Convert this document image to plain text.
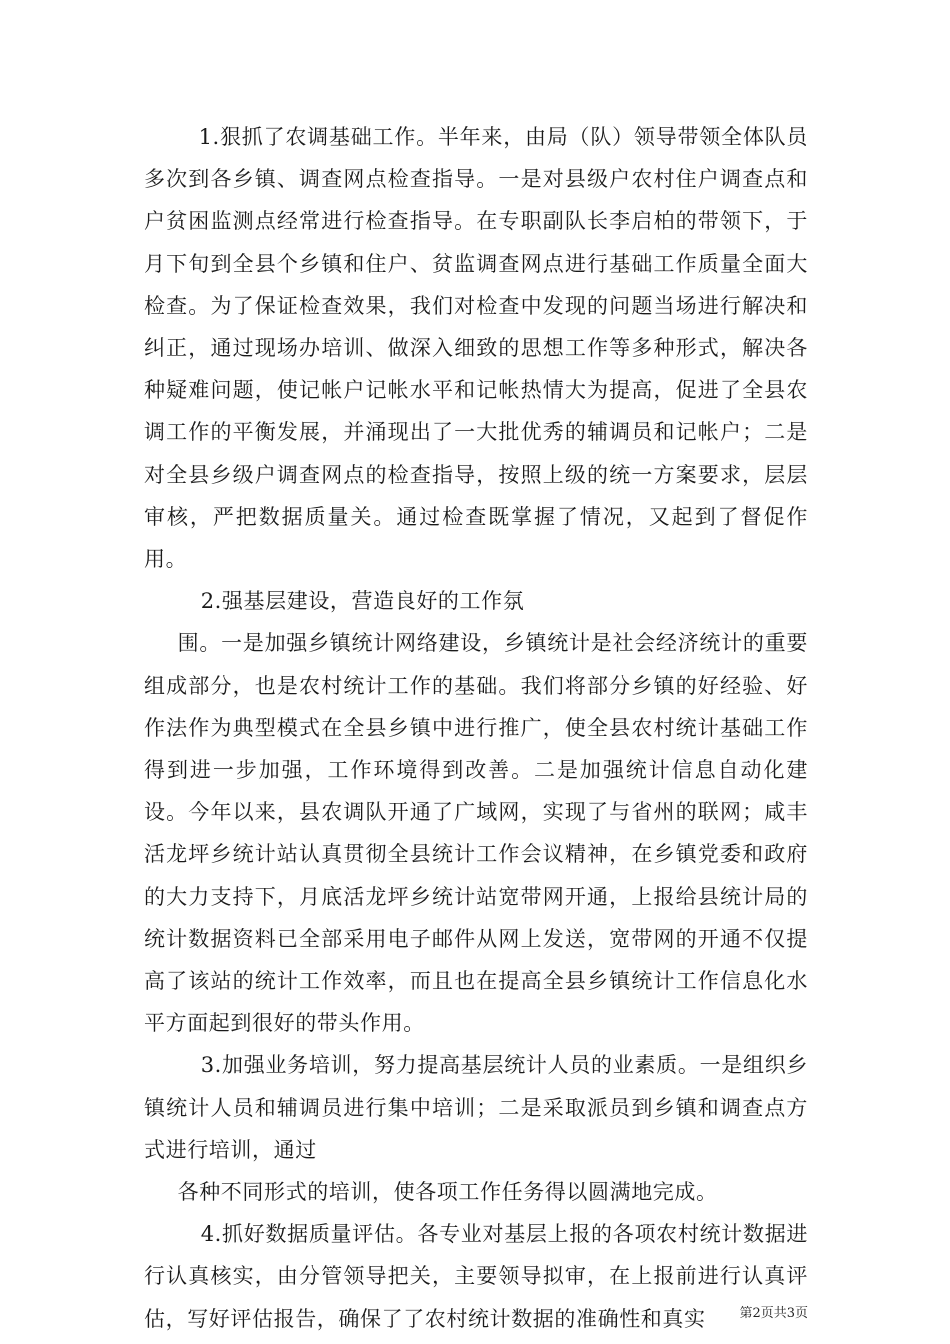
1.狠抓了农调基础工作。半年来，由局（队）领导带领全体队员多次到各乡镇、调查网点检查指导。一是对县级户农村住户调查点和户贫困监测点经常进行检查指导。在专职副队长李启柏的带领下，于月下旬到全县个乡镇和住户、贫监调查网点进行基础工作质量全面大检查。为了保证检查效果，我们对检查中发现的问题当场进行解决和纠正，通过现场办培训、做深入细致的思想工作等多种形式，解决各种疑难问题，使记帐户记帐水平和记帐热情大为提高，促进了全县农调工作的平衡发展，并涌现出了一大批优秀的辅调员和记帐户；二是对全县乡级户调查网点的检查指导，按照上级的统一方案要求，层层审核，严把数据质量关。通过检查既掌握了情况，又起到了督促作用。

2.强基层建设，营造良好的工作氛

围。一是加强乡镇统计网络建设，乡镇统计是社会经济统计的重要组成部分，也是农村统计工作的基础。我们将部分乡镇的好经验、好作法作为典型模式在全县乡镇中进行推广，使全县农村统计基础工作得到进一步加强，工作环境得到改善。二是加强统计信息自动化建设。今年以来，县农调队开通了广域网，实现了与省州的联网；咸丰活龙坪乡统计站认真贯彻全县统计工作会议精神，在乡镇党委和政府的大力支持下，月底活龙坪乡统计站宽带网开通，上报给县统计局的统计数据资料已全部采用电子邮件从网上发送，宽带网的开通不仅提高了该站的统计工作效率，而且也在提高全县乡镇统计工作信息化水平方面起到很好的带头作用。

3.加强业务培训，努力提高基层统计人员的业素质。一是组织乡镇统计人员和辅调员进行集中培训；二是采取派员到乡镇和调查点方式进行培训，通过

各种不同形式的培训，使各项工作任务得以圆满地完成。

4.抓好数据质量评估。各专业对基层上报的各项农村统计数据进行认真核实，由分管领导把关，主要领导拟审，在上报前进行认真评估，写好评估报告，确保了了农村统计数据的准确性和真实	第2页共3页
